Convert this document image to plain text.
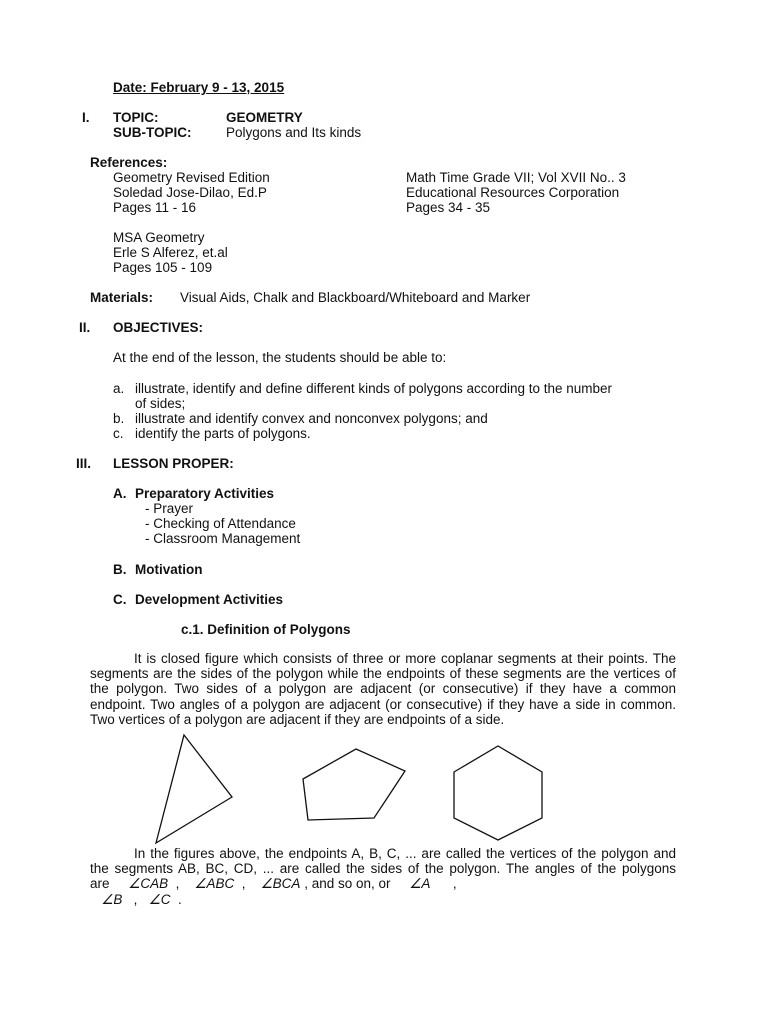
Date: February 9 - 13, 2015
I. TOPIC:	GEOMETRY
SUB-TOPIC:	Polygons and Its kinds
References:
Geometry Revised Edition
Soledad Jose-Dilao, Ed.P
Pages 11 - 16
Math Time Grade VII; Vol XVII No.. 3
Educational Resources Corporation
Pages 34 - 35
MSA Geometry
Erle S Alferez, et.al
Pages 105 - 109
Materials: Visual Aids, Chalk and Blackboard/Whiteboard and Marker
II. OBJECTIVES:
At the end of the lesson, the students should be able to:
a. illustrate, identify and define different kinds of polygons according to the number
of sides;
b. illustrate and identify convex and nonconvex polygons; and
c. identify the parts of polygons.
III. LESSON PROPER:
A. Preparatory Activities
- Prayer
- Checking of Attendance
- Classroom Management
B. Motivation
C. Development Activities
c.1. Definition of Polygons
It is closed figure which consists of three or more coplanar segments at their points. The segments are the sides of the polygon while the endpoints of these segments are the vertices of the polygon. Two sides of a polygon are adjacent (or consecutive) if they have a common endpoint. Two angles of a polygon are adjacent (or consecutive) if they have a side in common. Two vertices of a polygon are adjacent if they are endpoints of a side.
In the figures above, the endpoints A, B, C, ... are called the vertices of the polygon and the segments AB, BC, CD, ... are called the sides of the polygon. The angles of the polygons are ∠CAB  ,    ∠ABC  ,    ∠BCA , and so on, or ∠A      ,
∠B   ,   ∠C  .
